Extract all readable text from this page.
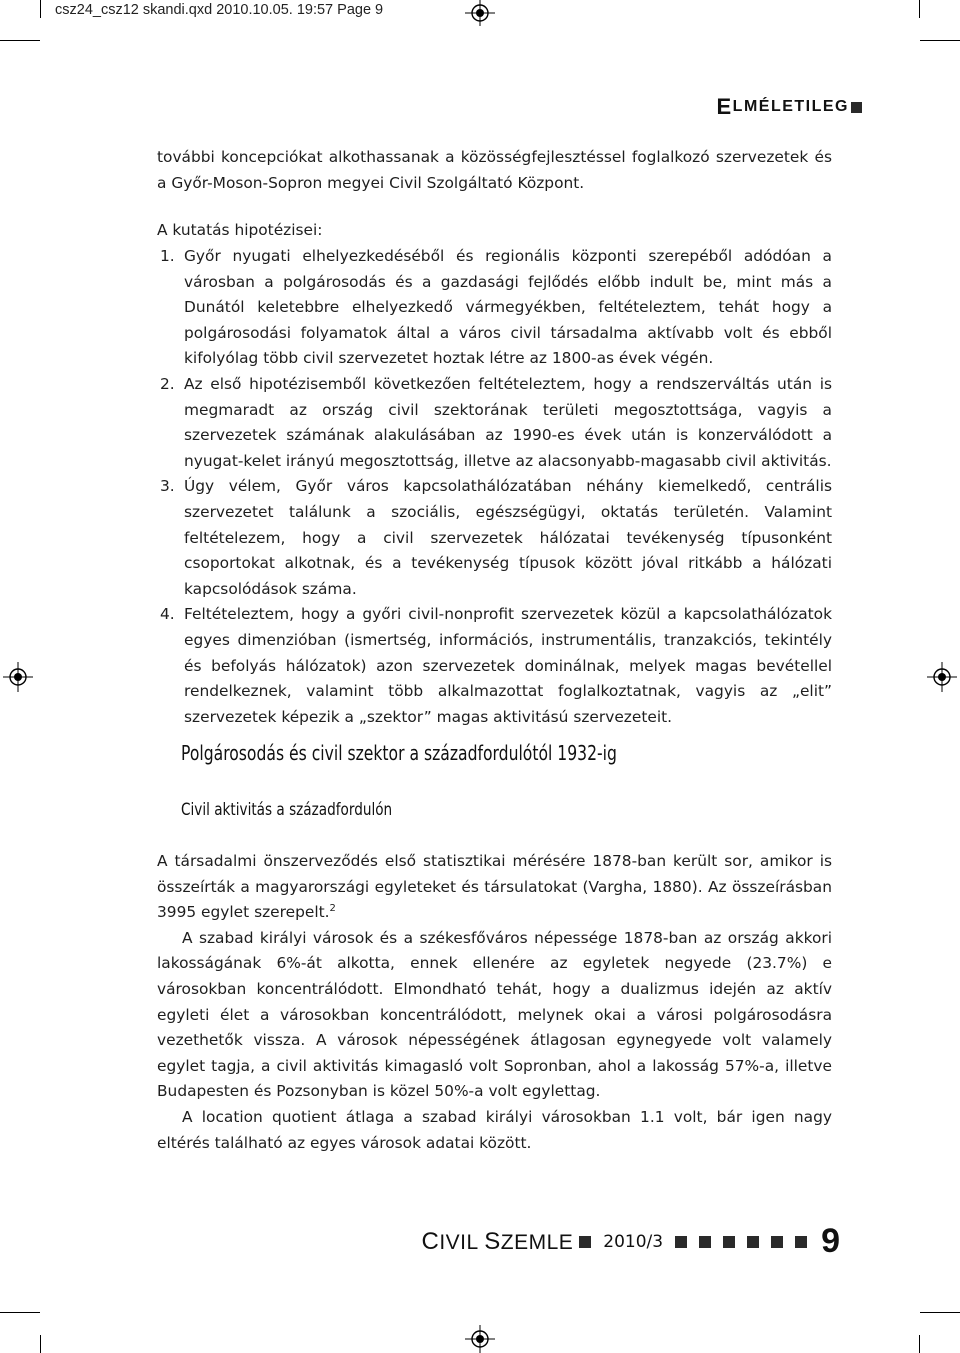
csz24_csz12 skandi.qxd 2010.10.05. 19:57 Page 9
E LMÉLETILEG

további koncepciókat alkothassanak a közösségfejlesztéssel foglalkozó szervezetek és a Győr-Moson-Sopron megyei Civil Szolgáltató Központ.

A kutatás hipotézisei:

1. Győr nyugati elhelyezkedéséből és regionális központi szerepéből adódóan a városban a polgárosodás és a gazdasági fejlődés előbb indult be, mint más a Dunától keletebbre elhelyezkedő vármegyékben, feltételeztem, tehát hogy a polgárosodási folyamatok által a város civil társadalma aktívabb volt és ebből kifolyólag több civil szervezetet hoztak létre az 1800-as évek végén.
2. Az első hipotézisemből következően feltételeztem, hogy a rendszerváltás után is megmaradt az ország civil szektorának területi megosztottsága, vagyis a szervezetek számának alakulásában az 1990-es évek után is konzerválódott a nyugat-kelet irányú megosztottság, illetve az alacsonyabb-magasabb civil aktivitás.
3. Úgy vélem, Győr város kapcsolathálózatában néhány kiemelkedő, centrális szervezetet találunk a szociális, egészségügyi, oktatás területén. Valamint feltételezem, hogy a civil szervezetek hálózatai tevékenység típusonként csoportokat alkotnak, és a tevékenység típusok között jóval ritkább a hálózati kapcsolódások száma.
4. Feltételeztem, hogy a győri civil-nonprofit szervezetek közül a kapcsolathálózatok egyes dimenzióban (ismertség, információs, instrumentális, tranzakciós, tekintély és befolyás hálózatok) azon szervezetek dominálnak, melyek magas bevétellel rendelkeznek, valamint több alkalmazottat foglalkoztatnak, vagyis az „elit” szervezetek képezik a „szektor” magas aktivitású szervezeteit.
Polgárosodás és civil szektor a századfordulótól 1932-ig
Civil aktivitás a századfordulón

A társadalmi önszerveződés első statisztikai mérésére 1878-ban került sor, amikor is összeírták a magyarországi egyleteket és társulatokat (Vargha, 1880). Az összeírásban 3995 egylet szerepelt.$^2$

A szabad királyi városok és a székesfőváros népessége 1878-ban az ország akkori lakosságának 6%-át alkotta, ennek ellenére az egyletek negyede (23.7%) e városokban koncentrálódott. Elmondható tehát, hogy a dualizmus idején az aktív egyleti élet a városokban koncentrálódott, melynek okai a városi polgárosodásra vezethetők vissza. A városok népességének átlagosan egynegyede volt valamely egylet tagja, a civil aktivitás kimagasló volt Sopronban, ahol a lakosság 57%-a, illetve Budapesten és Pozsonyban is közel 50%-a volt egylettag.

A location quotient átlaga a szabad királyi városokban 1.1 volt, bár igen nagy eltérés található az egyes városok adatai között.

CIVIL SZEMLE 2010/3	9
